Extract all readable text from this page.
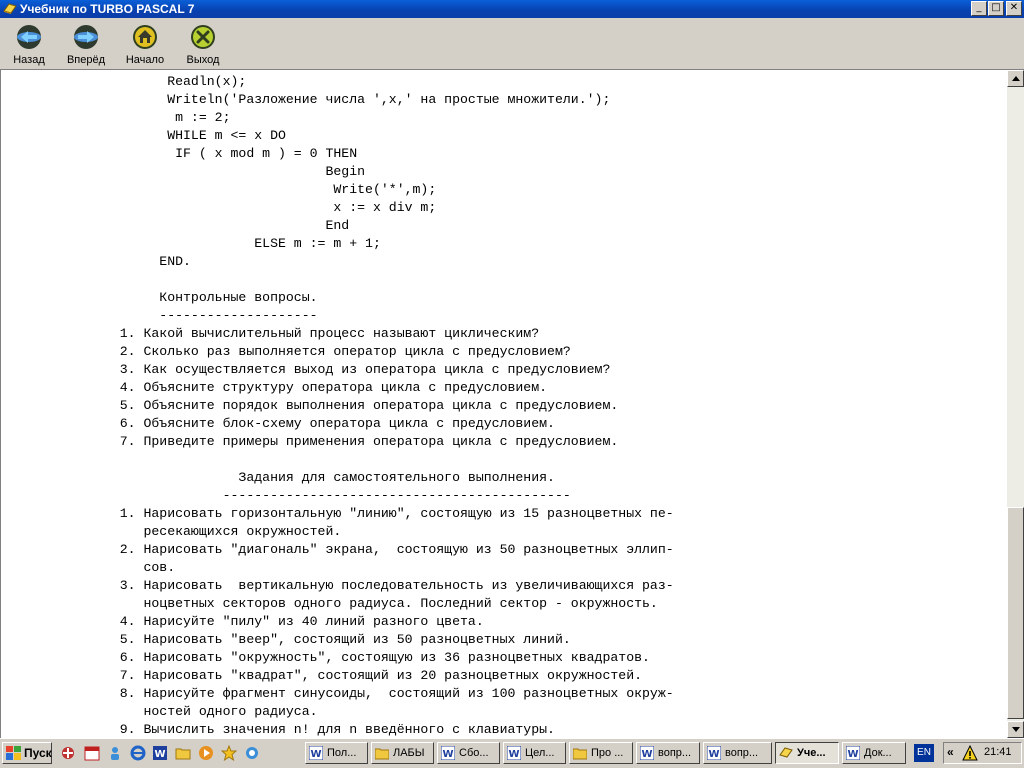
Учебник по TURBO PASCAL 7	_ □ ✕
Назад	Вперёд	Начало	Выход
Readln(x);
Writeln('Разложение числа ',x,' на простые множители.');
m := 2;
WHILE m <= x DO
IF ( x mod m ) = 0 THEN
Begin
Write('*',m);
x := x div m;
End
ELSE m := m + 1;
END.
Контрольные вопросы.
--------------------
1. Какой вычислительный процесс называют циклическим?
2. Сколько раз выполняется оператор цикла с предусловием?
3. Как осуществляется выход из оператора цикла с предусловием?
4. Объясните структуру оператора цикла с предусловием.
5. Объясните порядок выполнения оператора цикла с предусловием.
6. Объясните блок-схему оператора цикла с предусловием.
7. Приведите примеры применения оператора цикла с предусловием.
Задания для самостоятельного выполнения.
--------------------------------------------
1. Нарисовать горизонтальную "линию", состоящую из 15 разноцветных пе-
ресекающихся окружностей.
2. Нарисовать "диагональ" экрана,  состоящую из 50 разноцветных эллип-
сов.
3. Нарисовать  вертикальную последовательность из увеличивающихся раз-
ноцветных секторов одного радиуса. Последний сектор - окружность.
4. Нарисуйте "пилу" из 40 линий разного цвета.
5. Нарисовать "веер", состоящий из 50 разноцветных линий.
6. Нарисовать "окружность", состоящую из 36 разноцветных квадратов.
7. Нарисовать "квадрат", состоящий из 20 разноцветных окружностей.
8. Нарисуйте фрагмент синусоиды,  состоящий из 100 разноцветных окруж-
ностей одного радиуса.
9. Вычислить значения n! для n введённого с клавиатуры.
Пуск	W	W Пол...	ЛАБЫ W Сбо... W Цел...	Про ... W вопр... W вопр...	Уче... W Док...	EN «	21:41
